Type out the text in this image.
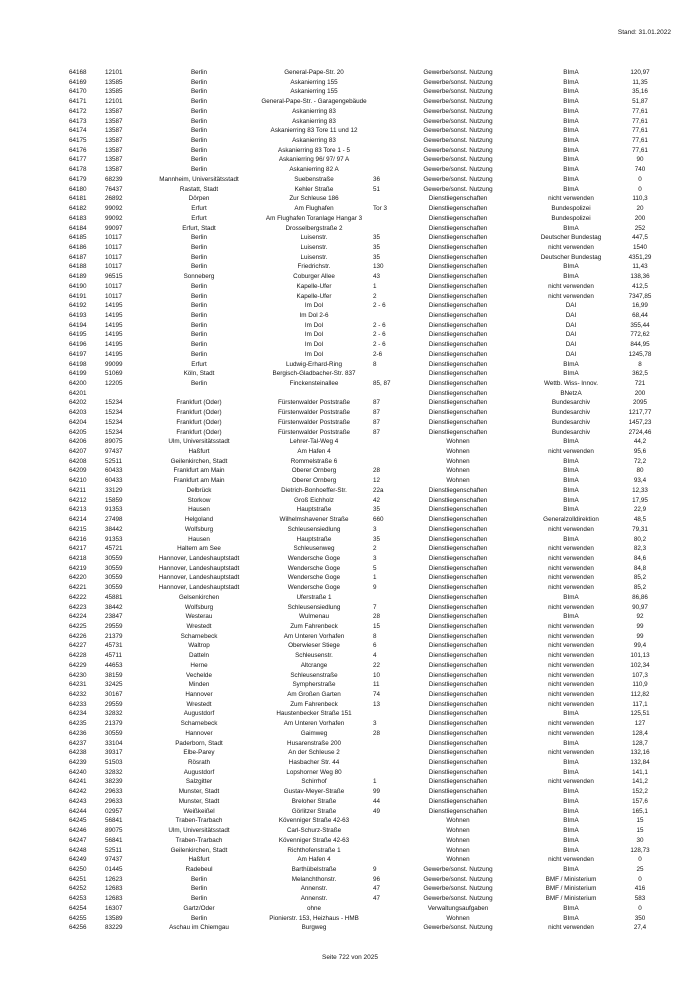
Stand: 31.01.2022
64168	12101	Berlin	General-Pape-Str. 20		Gewerbe/sonst. Nutzung	BImA	120,97
64169	13585	Berlin	Askanierring 155		Gewerbe/sonst. Nutzung	BImA	11,35
64170	13585	Berlin	Askanierring 155		Gewerbe/sonst. Nutzung	BImA	35,16
64171	12101	Berlin	General-Pape-Str. - Garagengebäude		Gewerbe/sonst. Nutzung	BImA	51,87
64172	13587	Berlin	Askanierring 83		Gewerbe/sonst. Nutzung	BImA	77,61
64173	13587	Berlin	Askanierring 83		Gewerbe/sonst. Nutzung	BImA	77,61
64174	13587	Berlin	Askanierring 83 Tore 11 und 12		Gewerbe/sonst. Nutzung	BImA	77,61
64175	13587	Berlin	Askanierring 83		Gewerbe/sonst. Nutzung	BImA	77,61
64176	13587	Berlin	Askanierring 83 Tore 1 - 5		Gewerbe/sonst. Nutzung	BImA	77,61
64177	13587	Berlin	Askanierring 96/ 97/ 97 A		Gewerbe/sonst. Nutzung	BImA	90
64178	13587	Berlin	Askanierring 82 A		Gewerbe/sonst. Nutzung	BImA	740
64179	68239	Mannheim, Universitätsstadt	Suebenstraße	36	Gewerbe/sonst. Nutzung	BImA	0
64180	76437	Rastatt, Stadt	Kehler Straße	51	Gewerbe/sonst. Nutzung	BImA	0
64181	26892	Dörpen	Zur Schleuse 186		Dienstliegenschaften	nicht verwenden	110,3
64182	99092	Erfurt	Am Flughafen	Tor 3	Dienstliegenschaften	Bundespolizei	20
64183	99092	Erfurt	Am Flughafen Toranlage Hangar 3		Dienstliegenschaften	Bundespolizei	200
64184	99097	Erfurt, Stadt	Drosselbergstraße 2		Dienstliegenschaften	BImA	252
64185	10117	Berlin	Luisenstr.	35	Dienstliegenschaften	Deutscher Bundestag	447,5
64186	10117	Berlin	Luisenstr.	35	Dienstliegenschaften	nicht verwenden	1540
64187	10117	Berlin	Luisenstr.	35	Dienstliegenschaften	Deutscher Bundestag	4351,29
64188	10117	Berlin	Friedrichstr.	130	Dienstliegenschaften	BImA	11,43
64189	96515	Sonneberg	Coburger Allee	43	Dienstliegenschaften	BImA	138,36
64190	10117	Berlin	Kapelle-Ufer	1	Dienstliegenschaften	nicht verwenden	412,5
64191	10117	Berlin	Kapelle-Ufer	2	Dienstliegenschaften	nicht verwenden	7347,85
64192	14195	Berlin	Im Dol	2 - 6	Dienstliegenschaften	DAI	16,99
64193	14195	Berlin	Im Dol 2-6		Dienstliegenschaften	DAI	68,44
64194	14195	Berlin	Im Dol	2 - 6	Dienstliegenschaften	DAI	355,44
64195	14195	Berlin	Im Dol	2 - 6	Dienstliegenschaften	DAI	772,62
64196	14195	Berlin	Im Dol	2 - 6	Dienstliegenschaften	DAI	844,95
64197	14195	Berlin	Im Dol	2-6	Dienstliegenschaften	DAI	1245,78
64198	99099	Erfurt	Ludwig-Erhard-Ring	8	Dienstliegenschaften	BImA	8
64199	51069	Köln, Stadt	Bergisch-Gladbacher-Str. 837		Dienstliegenschaften	BImA	362,5
64200	12205	Berlin	Finckensteinallee	85, 87	Dienstliegenschaften	Wettb. Wiss- Innov.	721
64201					Dienstliegenschaften	BNetzA	200
64202	15234	Frankfurt (Oder)	Fürstenwalder Poststraße	87	Dienstliegenschaften	Bundesarchiv	2095
64203	15234	Frankfurt (Oder)	Fürstenwalder Poststraße	87	Dienstliegenschaften	Bundesarchiv	1217,77
64204	15234	Frankfurt (Oder)	Fürstenwalder Poststraße	87	Dienstliegenschaften	Bundesarchiv	1457,23
64205	15234	Frankfurt (Oder)	Fürstenwalder Poststraße	87	Dienstliegenschaften	Bundesarchiv	2724,46
64206	89075	Ulm, Universitätsstadt	Lehrer-Tal-Weg 4		Wohnen	BImA	44,2
64207	97437	Haßfurt	Am Hafen 4		Wohnen	nicht verwenden	95,6
64208	52511	Geilenkirchen, Stadt	Rommelstraße 6		Wohnen	BImA	72,2
64209	60433	Frankfurt am Main	Oberer Ornberg	28	Wohnen	BImA	80
64210	60433	Frankfurt am Main	Oberer Ornberg	12	Wohnen	BImA	93,4
64211	33129	Delbrück	Dietrich-Bonhoeffer-Str.	22a	Dienstliegenschaften	BImA	12,33
64212	15859	Storkow	Groß Eichholz	42	Dienstliegenschaften	BImA	17,95
64213	91353	Hausen	Hauptstraße	35	Dienstliegenschaften	BImA	22,9
64214	27498	Helgoland	Wilhelmshavener Straße	660	Dienstliegenschaften	Generalzolldirektion	48,5
64215	38442	Wolfsburg	Schleusensiedlung	3	Dienstliegenschaften	nicht verwenden	79,31
64216	91353	Hausen	Hauptstraße	35	Dienstliegenschaften	BImA	80,2
64217	45721	Haltern am See	Schleusenweg	2	Dienstliegenschaften	nicht verwenden	82,3
64218	30559	Hannover, Landeshauptstadt	Wendersche Goge	3	Dienstliegenschaften	nicht verwenden	84,6
64219	30559	Hannover, Landeshauptstadt	Wendersche Goge	5	Dienstliegenschaften	nicht verwenden	84,8
64220	30559	Hannover, Landeshauptstadt	Wendersche Goge	1	Dienstliegenschaften	nicht verwenden	85,2
64221	30559	Hannover, Landeshauptstadt	Wendersche Goge	9	Dienstliegenschaften	nicht verwenden	85,2
64222	45881	Gelsenkirchen	Uferstraße 1		Dienstliegenschaften	BImA	86,86
64223	38442	Wolfsburg	Schleusensiedlung	7	Dienstliegenschaften	nicht verwenden	90,97
64224	23847	Westerau	Wulmenau	28	Dienstliegenschaften	BImA	92
64225	29559	Wrestedt	Zum Fahrenbeck	15	Dienstliegenschaften	nicht verwenden	99
64226	21379	Scharnebeck	Am Unteren Vorhafen	8	Dienstliegenschaften	nicht verwenden	99
64227	45731	Waltrop	Oberwieser Stiege	6	Dienstliegenschaften	nicht verwenden	99,4
64228	45711	Datteln	Schleusenstr.	4	Dienstliegenschaften	nicht verwenden	101,13
64229	44653	Herne	Altcrange	22	Dienstliegenschaften	nicht verwenden	102,34
64230	38159	Vechelde	Schleusenstraße	10	Dienstliegenschaften	nicht verwenden	107,3
64231	32425	Minden	Sympherstraße	11	Dienstliegenschaften	nicht verwenden	110,9
64232	30167	Hannover	Am Großen Garten	74	Dienstliegenschaften	nicht verwenden	112,82
64233	29559	Wrestedt	Zum Fahrenbeck	13	Dienstliegenschaften	nicht verwenden	117,1
64234	32832	Augustdorf	Haustenbecker Straße 151		Dienstliegenschaften	BImA	125,51
64235	21379	Scharnebeck	Am Unteren Vorhafen	3	Dienstliegenschaften	nicht verwenden	127
64236	30559	Hannover	Gaimweg	28	Dienstliegenschaften	nicht verwenden	128,4
64237	33104	Paderborn, Stadt	Husarenstraße 200		Dienstliegenschaften	BImA	128,7
64238	39317	Elbe-Parey	An der Schleuse 2		Dienstliegenschaften	nicht verwenden	132,16
64239	51503	Rösrath	Hasbacher Str. 44		Dienstliegenschaften	BImA	132,84
64240	32832	Augustdorf	Lopshorner Weg 80		Dienstliegenschaften	BImA	141,1
64241	38239	Salzgitter	Schirrhof	1	Dienstliegenschaften	nicht verwenden	141,2
64242	29633	Munster, Stadt	Gustav-Meyer-Straße	99	Dienstliegenschaften	BImA	152,2
64243	29633	Munster, Stadt	Breloher Straße	44	Dienstliegenschaften	BImA	157,6
64244	02957	Weißkeißel	Görlitzer Straße	49	Dienstliegenschaften	BImA	165,1
64245	56841	Traben-Trarbach	Kövenniger Straße 42-63		Wohnen	BImA	15
64246	89075	Ulm, Universitätsstadt	Carl-Schurz-Straße		Wohnen	BImA	15
64247	56841	Traben-Trarbach	Kövenniger Straße 42-63		Wohnen	BImA	30
64248	52511	Geilenkirchen, Stadt	Richthofenstraße 1		Wohnen	BImA	128,73
64249	97437	Haßfurt	Am Hafen 4		Wohnen	nicht verwenden	0
64250	01445	Radebeul	Barthübelstraße	9	Gewerbe/sonst. Nutzung	BImA	25
64251	12623	Berlin	Melanchthonstr.	96	Gewerbe/sonst. Nutzung	BMF / Ministerium	0
64252	12683	Berlin	Annenstr.	47	Gewerbe/sonst. Nutzung	BMF / Ministerium	416
64253	12683	Berlin	Annenstr.	47	Gewerbe/sonst. Nutzung	BMF / Ministerium	583
64254	16307	Gartz/Oder	ohne		Verwaltungsaufgaben	BImA	0
64255	13589	Berlin	Pionierstr. 153, Heizhaus - HMB		Wohnen	BImA	350
64256	83229	Aschau im Chiemgau	Burgweg		Gewerbe/sonst. Nutzung	nicht verwenden	27,4
Seite 722 von 2025
